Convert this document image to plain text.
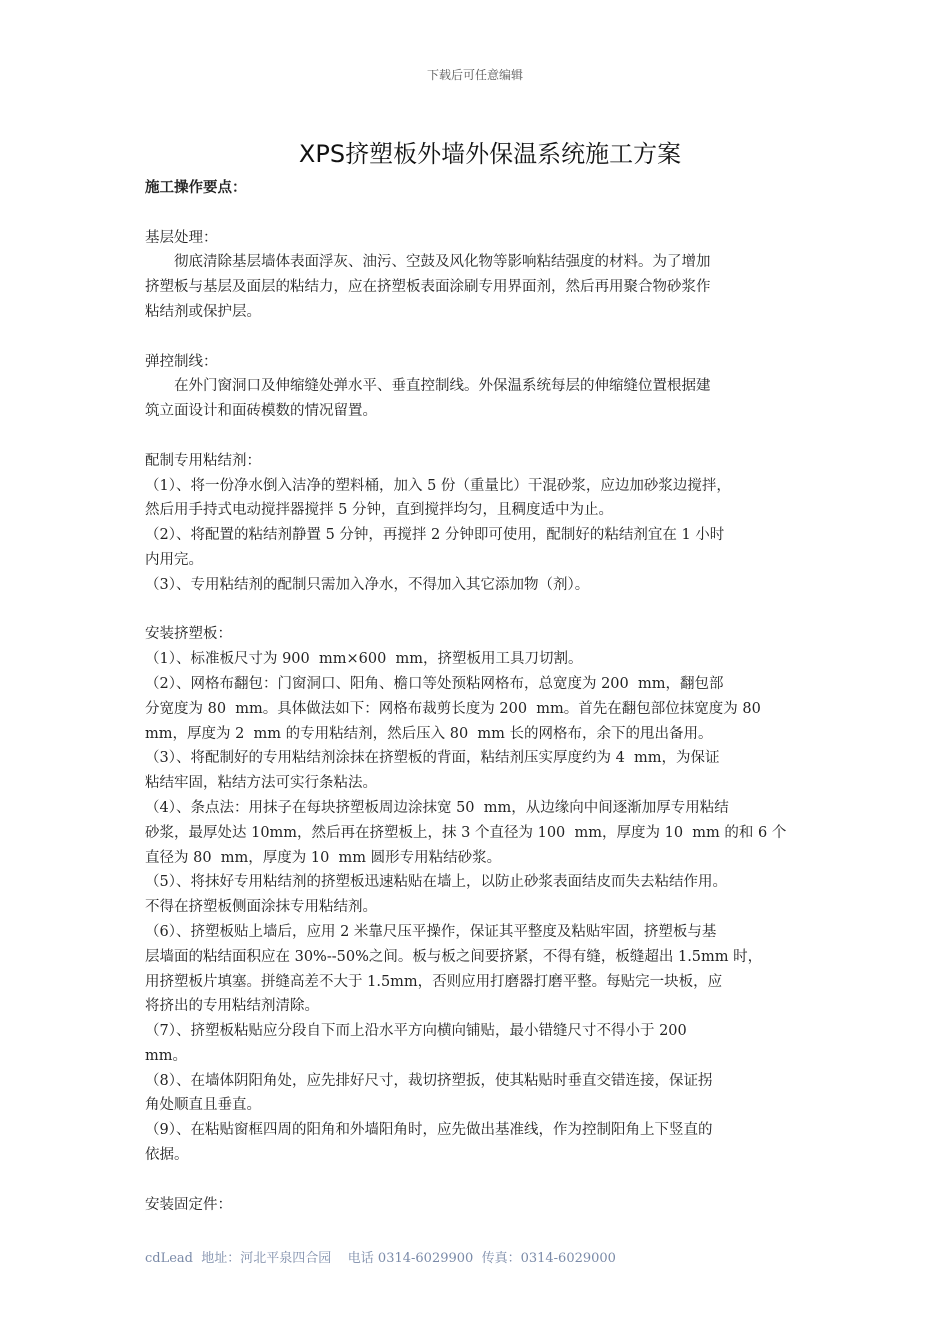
下载后可任意编辑
XPS挤塑板外墙外保温系统施工方案

施工操作要点：

基层处理：

彻底清除基层墙体表面浮灰、油污、空鼓及风化物等影响粘结强度的材料。为了增加

挤塑板与基层及面层的粘结力，应在挤塑板表面涂刷专用界面剂，然后再用聚合物砂浆作

粘结剂或保护层。

弹控制线：

在外门窗洞口及伸缩缝处弹水平、垂直控制线。外保温系统每层的伸缩缝位置根据建

筑立面设计和面砖模数的情况留置。

配制专用粘结剂：

（1）、将一份净水倒入洁净的塑料桶，加入 5 份（重量比）干混砂浆，应边加砂浆边搅拌，

然后用手持式电动搅拌器搅拌 5 分钟，直到搅拌均匀，且稠度适中为止。

（2）、将配置的粘结剂静置 5 分钟，再搅拌 2 分钟即可使用，配制好的粘结剂宜在 1 小时

内用完。

（3）、专用粘结剂的配制只需加入净水，不得加入其它添加物（剂）。

安装挤塑板：

（1）、标准板尺寸为 900  mm×600  mm，挤塑板用工具刀切割。

（2）、网格布翻包：门窗洞口、阳角、檐口等处预粘网格布，总宽度为 200  mm，翻包部

分宽度为 80  mm。具体做法如下：网格布裁剪长度为 200  mm。首先在翻包部位抹宽度为 80

mm，厚度为 2  mm 的专用粘结剂，然后压入 80  mm 长的网格布，余下的甩出备用。

（3）、将配制好的专用粘结剂涂抹在挤塑板的背面，粘结剂压实厚度约为 4  mm，为保证

粘结牢固，粘结方法可实行条粘法。

（4）、条点法：用抹子在每块挤塑板周边涂抹宽 50  mm，从边缘向中间逐渐加厚专用粘结

砂浆，最厚处达 10mm，然后再在挤塑板上，抹 3 个直径为 100  mm，厚度为 10  mm 的和 6 个

直径为 80  mm，厚度为 10  mm 圆形专用粘结砂浆。

（5）、将抹好专用粘结剂的挤塑板迅速粘贴在墙上，以防止砂浆表面结皮而失去粘结作用。

不得在挤塑板侧面涂抹专用粘结剂。

（6）、挤塑板贴上墙后，应用 2 米靠尺压平操作，保证其平整度及粘贴牢固，挤塑板与基

层墙面的粘结面积应在 30%--50%之间。板与板之间要挤紧，不得有缝，板缝超出 1.5mm 时，

用挤塑板片填塞。拼缝高差不大于 1.5mm，否则应用打磨器打磨平整。每贴完一块板，应

将挤出的专用粘结剂清除。

（7）、挤塑板粘贴应分段自下而上沿水平方向横向铺贴，最小错缝尺寸不得小于 200

mm。

（8）、在墙体阴阳角处，应先排好尺寸，裁切挤塑扳，使其粘贴时垂直交错连接，保证拐

角处顺直且垂直。

（9）、在粘贴窗框四周的阳角和外墙阳角时，应先做出基准线，作为控制阳角上下竖直的

依据。

安装固定件：

cdLead  地址：河北平泉四合园    电话 0314-6029900  传真：0314-6029000
